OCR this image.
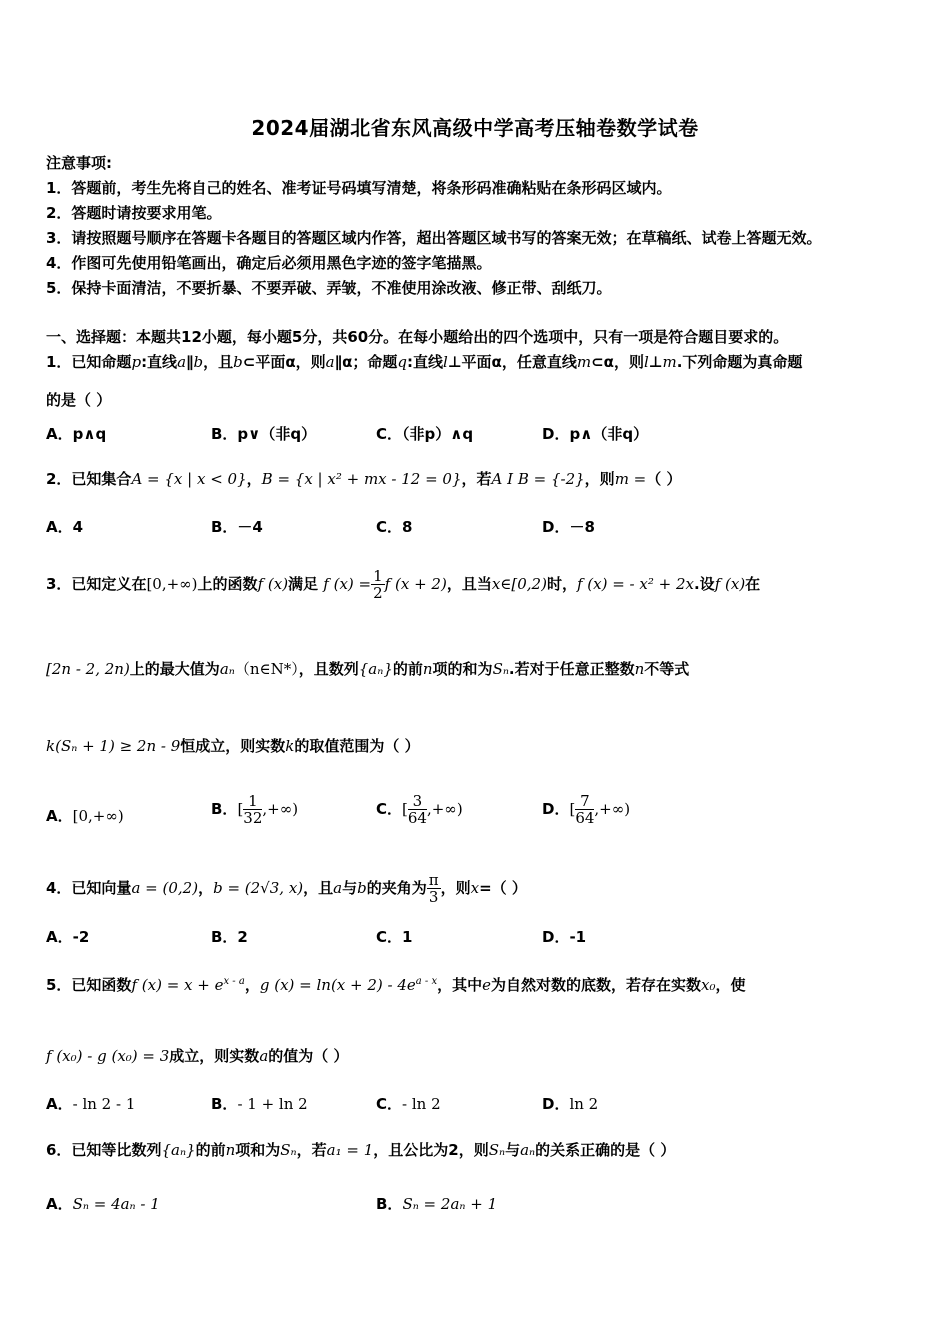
2024届湖北省东风高级中学高考压轴卷数学试卷
注意事项:
1．答题前，考生先将自己的姓名、准考证号码填写清楚，将条形码准确粘贴在条形码区域内。
2．答题时请按要求用笔。
3．请按照题号顺序在答题卡各题目的答题区域内作答，超出答题区域书写的答案无效；在草稿纸、试卷上答题无效。
4．作图可先使用铅笔画出，确定后必须用黑色字迹的签字笔描黑。
5．保持卡面清洁，不要折暴、不要弄破、弄皱，不准使用涂改液、修正带、刮纸刀。
一、选择题：本题共12小题，每小题5分，共60分。在每小题给出的四个选项中，只有一项是符合题目要求的。
1．已知命题p:直线a∥b，且b⊂平面α，则a∥α；命题q:直线l⊥平面α，任意直线m⊂α，则l⊥m.下列命题为真命题
的是（ ）
A．p∧q	B．p∨（非q）	C．（非p）∧q	D．p∧（非q）
2．已知集合A = {x | x < 0}，B = {x | x² + mx - 12 = 0}，若A I B = {-2}，则m =（ ）
A．4	B．－4	C．8	D．－8
3．已知定义在[0,+∞)上的函数f (x)满足 f $(x) = \frac{1}{2}$ f (x + 2)，且当x∈[0,2)时，f (x) = - x² + 2x.设f (x)在
[2n - 2, 2n)上的最大值为aₙ（n∈N*），且数列{aₙ}的前n项的和为Sₙ.若对于任意正整数n不等式
k(Sₙ + 1) ≥ 2n - 9恒成立，则实数k的取值范围为（ ）
A．[0,+∞)	B．[ $\frac{1}{32}$ ,+∞)	C．[ $\frac{3}{64}$ ,+∞)	D．[ $\frac{7}{64}$ ,+∞)
4．已知向量a = (0,2)，b = (2√3, x)，且a与b的夹角为 $\frac{\pi}{3}$ ，则x=（ ）
A．-2	B．2	C．1	D．-1
5．已知函数f $(x) = x + e^{x - a}$，g $(x) = \ln(x + 2) - 4e^{a - x}$，其中e为自然对数的底数，若存在实数x₀，使
f (x₀) - g (x₀) = 3成立，则实数a的值为（ ）
A．- ln 2 - 1	B．- 1 + ln 2	C．- ln 2	D．ln 2
6．已知等比数列{aₙ}的前n项和为Sₙ，若a₁ = 1，且公比为2，则Sₙ与aₙ的关系正确的是（ ）
A．Sₙ = 4aₙ - 1	B．Sₙ = 2aₙ + 1
